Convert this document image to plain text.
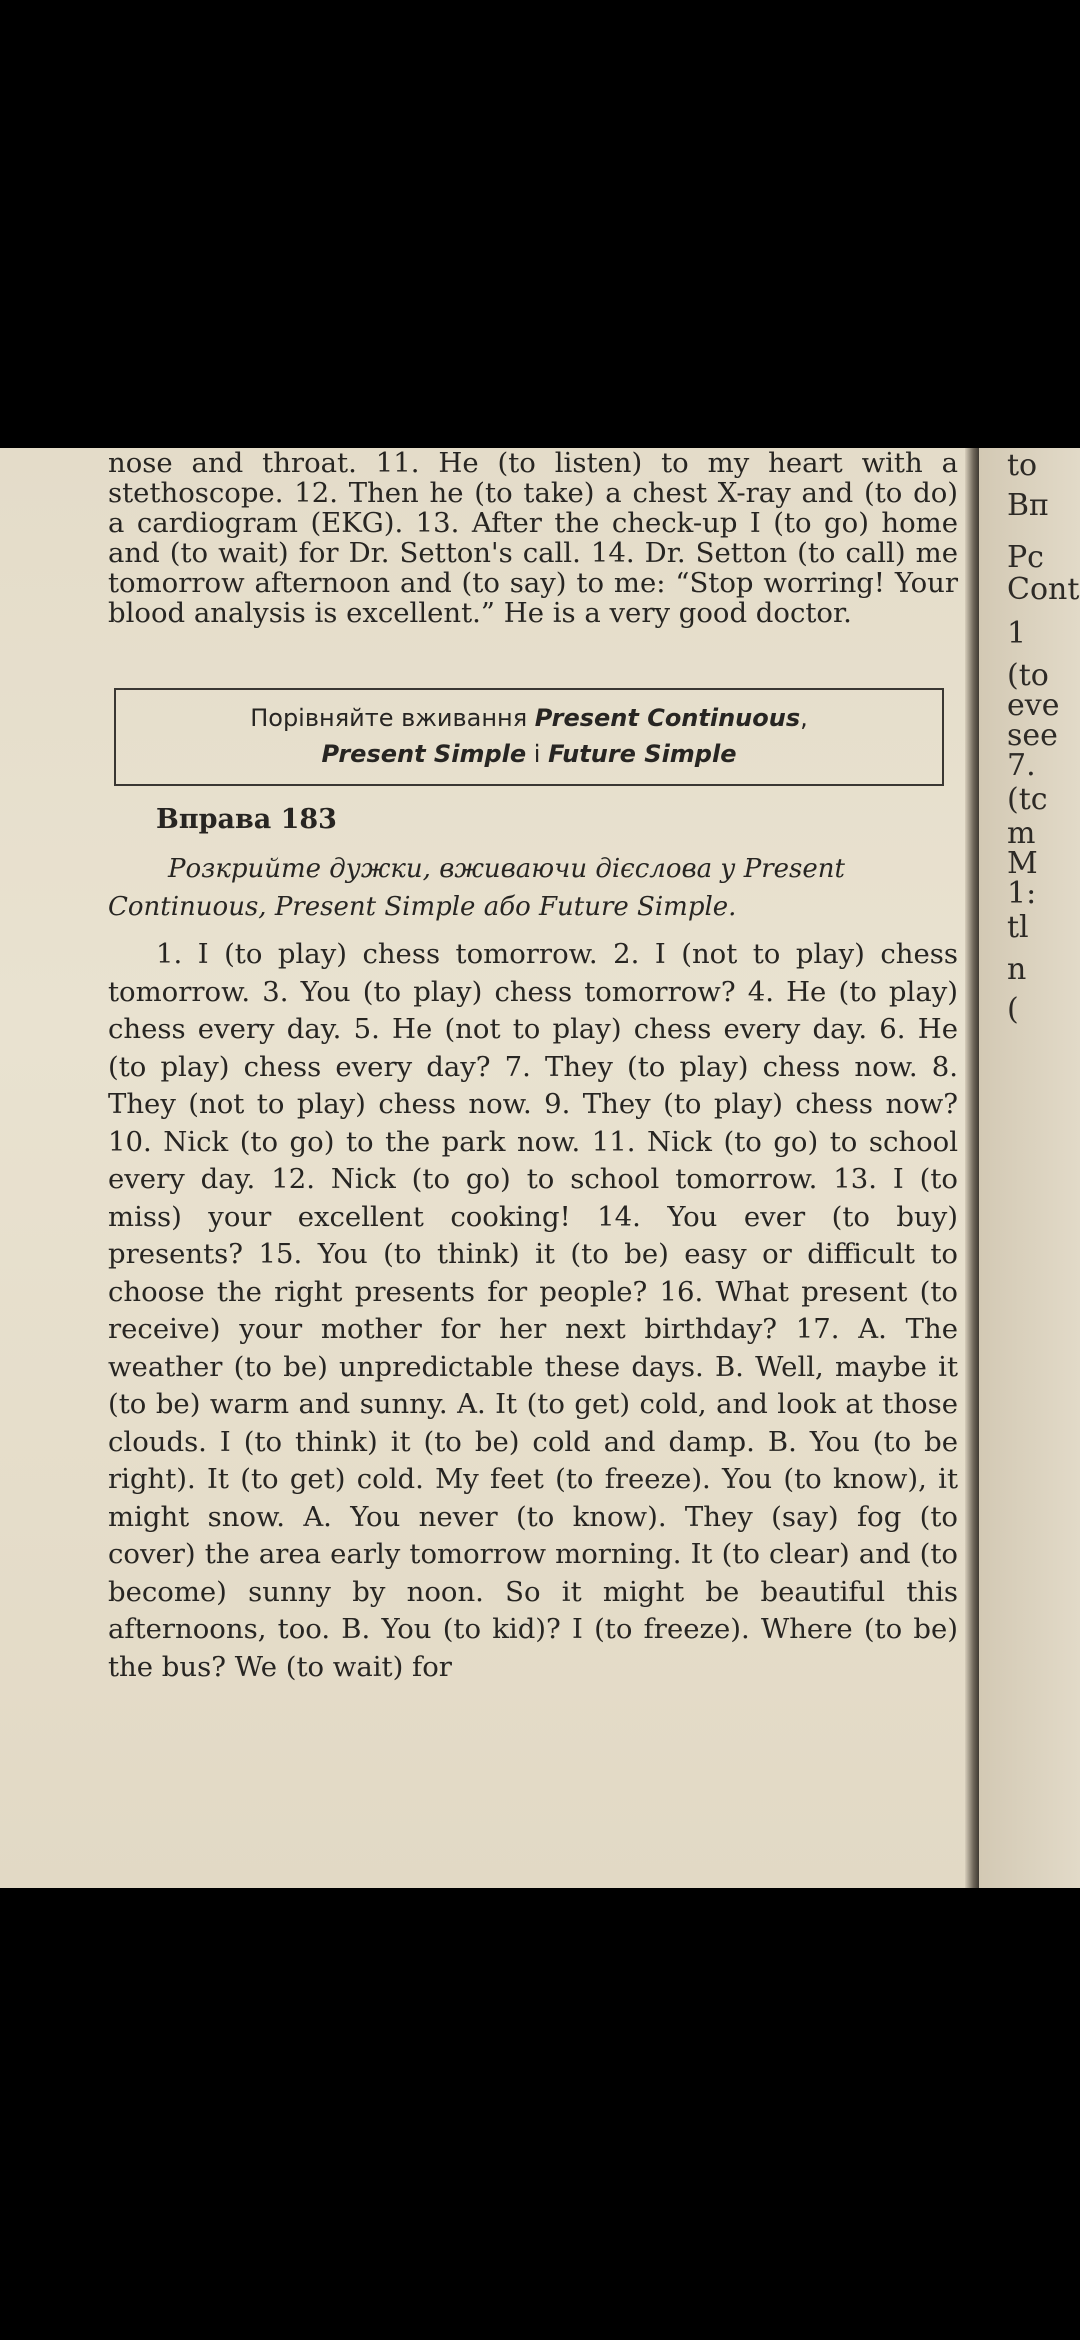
nose and throat. 11. He (to listen) to my heart with a stethoscope. 12. Then he (to take) a chest X-ray and (to do) a cardiogram (EKG). 13. After the check-up I (to go) home and (to wait) for Dr. Setton's call. 14. Dr. Setton (to call) me tomorrow afternoon and (to say) to me: “Stop worring! Your blood analysis is excellent.” He is a very good doctor.

Порівняйте вживання Present Continuous,
Present Simple і Future Simple

Вправа 183

Розкрийте дужки, вживаючи дієслова у Present Continuous, Present Simple або Future Simple.

1. I (to play) chess tomorrow. 2. I (not to play) chess tomorrow. 3. You (to play) chess tomorrow? 4. He (to play) chess every day. 5. He (not to play) chess every day. 6. He (to play) chess every day? 7. They (to play) chess now. 8. They (not to play) chess now. 9. They (to play) chess now? 10. Nick (to go) to the park now. 11. Nick (to go) to school every day. 12. Nick (to go) to school tomorrow. 13. I (to miss) your excellent cooking! 14. You ever (to buy) presents? 15. You (to think) it (to be) easy or difficult to choose the right presents for people? 16. What present (to receive) your mother for her next birthday? 17. A. The weather (to be) unpredictable these days. B. Well, maybe it (to be) warm and sunny. A. It (to get) cold, and look at those clouds. I (to think) it (to be) cold and damp. B. You (to be right). It (to get) cold. My feet (to freeze). You (to know), it might snow. A. You never (to know). They (say) fog (to cover) the area early tomorrow morning. It (to clear) and (to become) sunny by noon. So it might be beautiful this afternoons, too. B. You (to kid)? I (to freeze). Where (to be) the bus? We (to wait) for

to
Вп
Pc
Cont
1
(to
eve
see
7.
(tc
m
M
1:
tl
n
(
